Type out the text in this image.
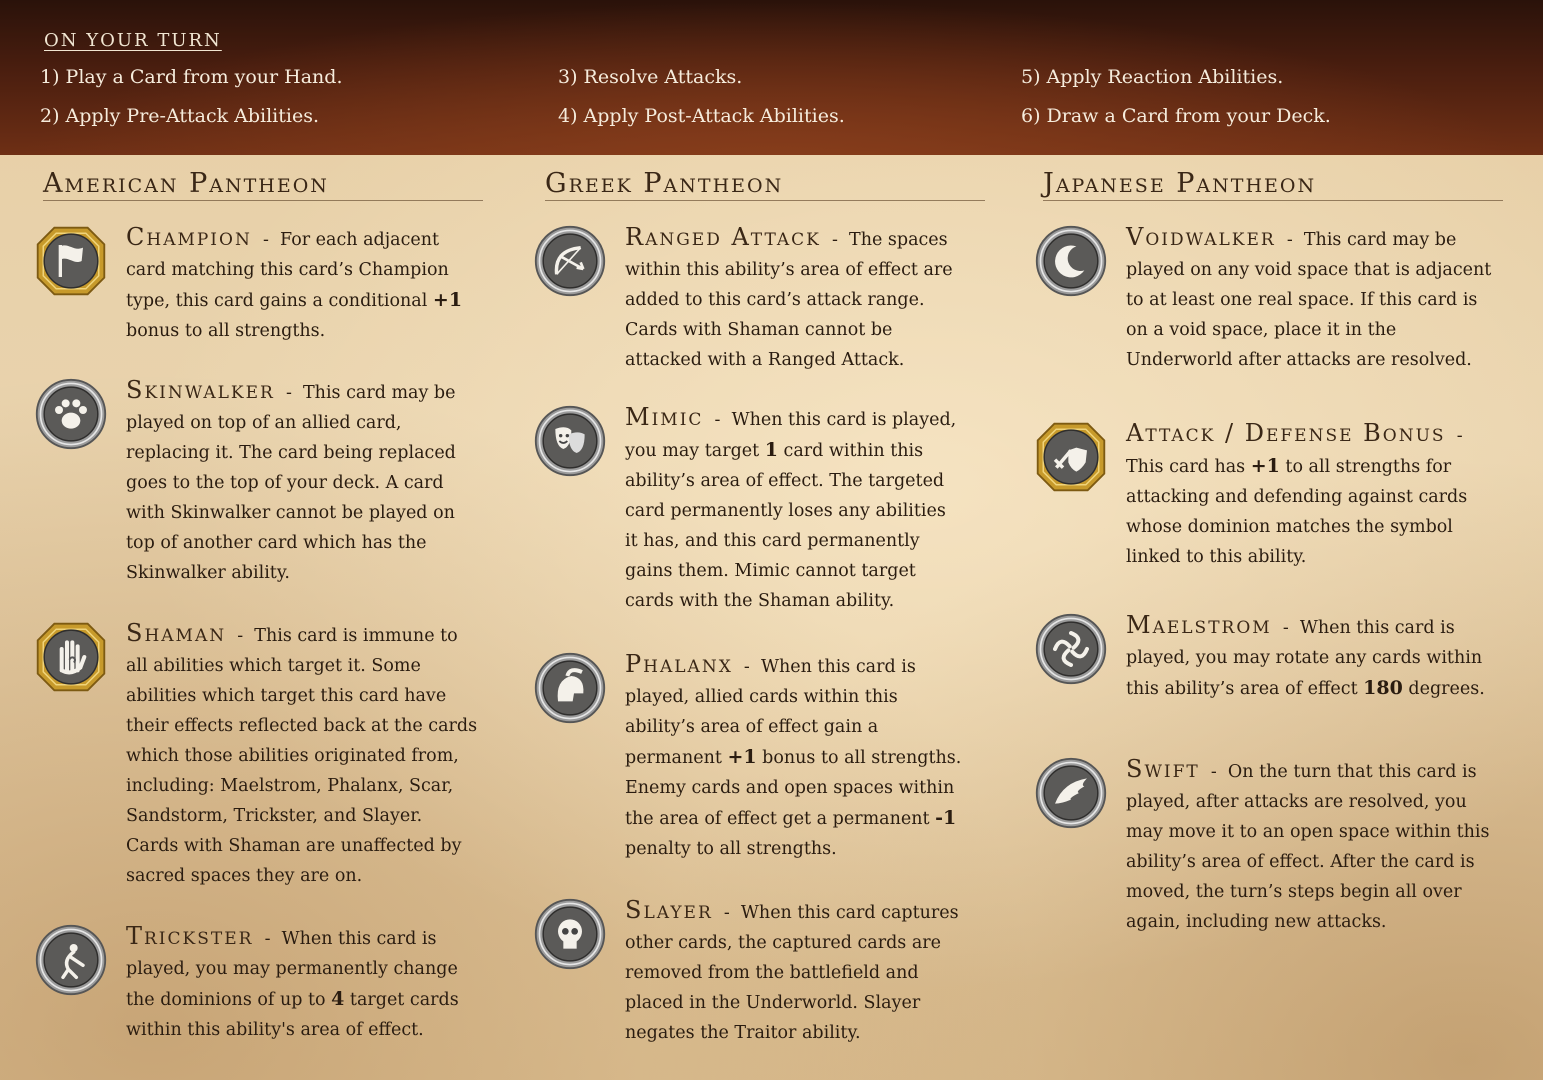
ON YOUR TURN
1) Play a Card from your Hand.
2) Apply Pre-Attack Abilities.
3) Resolve Attacks.
4) Apply Post-Attack Abilities.
5) Apply Reaction Abilities.
6) Draw a Card from your Deck.
American Pantheon	Greek Pantheon	Japanese Pantheon
Champion  -  For each adjacent
card matching this card’s Champion
type, this card gains a conditional +1
bonus to all strengths.
Skinwalker  -  This card may be
played on top of an allied card,
replacing it. The card being replaced
goes to the top of your deck. A card
with Skinwalker cannot be played on
top of another card which has the
Skinwalker ability.
Shaman  -  This card is immune to
all abilities which target it. Some
abilities which target this card have
their effects reflected back at the cards
which those abilities originated from,
including: Maelstrom, Phalanx, Scar,
Sandstorm, Trickster, and Slayer.
Cards with Shaman are unaffected by
sacred spaces they are on.
Trickster  -  When this card is
played, you may permanently change
the dominions of up to 4 target cards
within this ability's area of effect.
Ranged Attack  -  The spaces
within this ability’s area of effect are
added to this card’s attack range.
Cards with Shaman cannot be
attacked with a Ranged Attack.
Mimic  -  When this card is played,
you may target 1 card within this
ability’s area of effect. The targeted
card permanently loses any abilities
it has, and this card permanently
gains them. Mimic cannot target
cards with the Shaman ability.
Phalanx  -  When this card is
played, allied cards within this
ability’s area of effect gain a
permanent +1 bonus to all strengths.
Enemy cards and open spaces within
the area of effect get a permanent -1
penalty to all strengths.
Slayer  -  When this card captures
other cards, the captured cards are
removed from the battlefield and
placed in the Underworld. Slayer
negates the Traitor ability.
Voidwalker  -  This card may be
played on any void space that is adjacent
to at least one real space. If this card is
on a void space, place it in the
Underworld after attacks are resolved.
Attack / Defense Bonus  -
This card has +1 to all strengths for
attacking and defending against cards
whose dominion matches the symbol
linked to this ability.
Maelstrom  -  When this card is
played, you may rotate any cards within
this ability’s area of effect 180 degrees.
Swift  -  On the turn that this card is
played, after attacks are resolved, you
may move it to an open space within this
ability’s area of effect. After the card is
moved, the turn’s steps begin all over
again, including new attacks.
